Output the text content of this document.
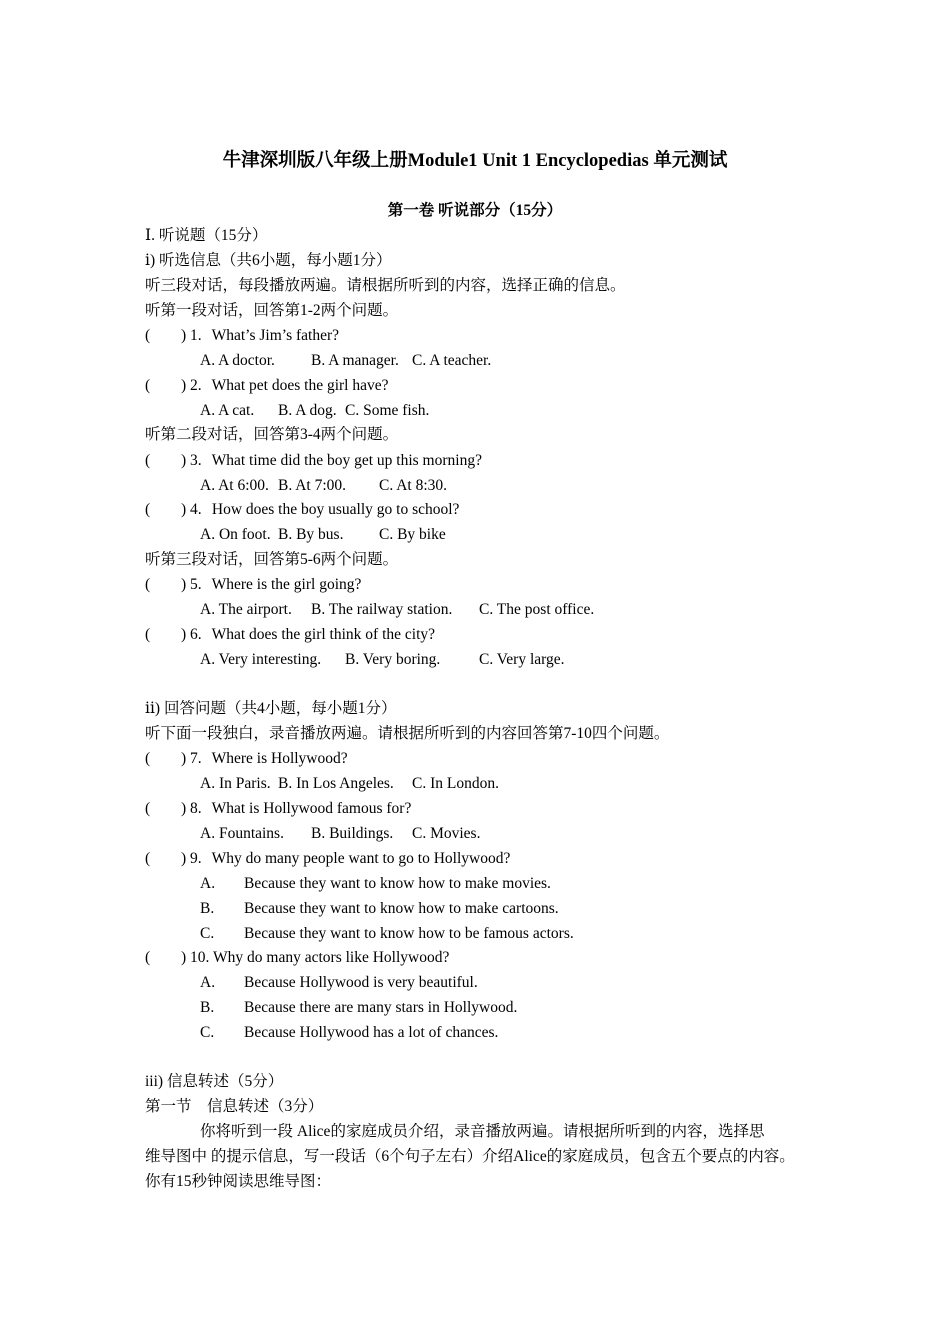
牛津深圳版八年级上册Module1 Unit 1 Encyclopedias 单元测试
第一卷 听说部分（15分）
Ⅰ. 听说题（15分）
ⅰ) 听选信息（共6小题，每小题1分）
听三段对话，每段播放两遍。请根据所听到的内容，选择正确的信息。
听第一段对话，回答第1-2两个问题。
( ) 1. What’s Jim’s father?
A. A doctor. B. A manager. C. A teacher.
( ) 2. What pet does the girl have?
A. A cat. B. A dog. C. Some fish.
听第二段对话，回答第3-4两个问题。
( ) 3. What time did the boy get up this morning?
A. At 6:00. B. At 7:00. C. At 8:30.
( ) 4. How does the boy usually go to school?
A. On foot. B. By bus. C. By bike
听第三段对话，回答第5-6两个问题。
( ) 5. Where is the girl going?
A. The airport. B. The railway station. C. The post office.
( ) 6. What does the girl think of the city?
A. Very interesting. B. Very boring. C. Very large.
ⅱ) 回答问题（共4小题，每小题1分）
听下面一段独白，录音播放两遍。请根据所听到的内容回答第7-10四个问题。
( ) 7. Where is Hollywood?
A. In Paris. B. In Los Angeles. C. In London.
( ) 8. What is Hollywood famous for?
A. Fountains. B. Buildings. C. Movies.
( ) 9. Why do many people want to go to Hollywood?
A. Because they want to know how to make movies.
B. Because they want to know how to make cartoons.
C. Because they want to know how to be famous actors.
( ) 10. Why do many actors like Hollywood?
A. Because Hollywood is very beautiful.
B. Because there are many stars in Hollywood.
C. Because Hollywood has a lot of chances.
iii) 信息转述（5分）
第一节　信息转述（3分）
你将听到一段 Alice的家庭成员介绍，录音播放两遍。请根据所听到的内容，选择思
维导图中 的提示信息，写一段话（6个句子左右）介绍Alice的家庭成员，包含五个要点的内容。
你有15秒钟阅读思维导图：
